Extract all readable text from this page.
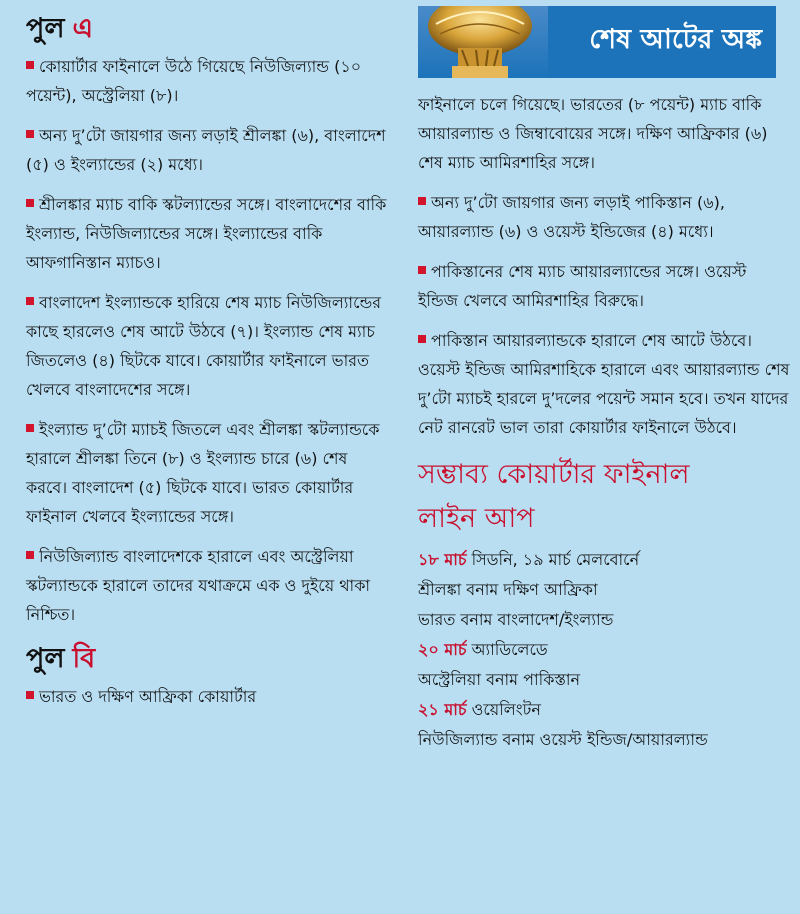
পুল এ

কোয়ার্টার ফাইনালে উঠে গিয়েছে নিউজিল্যান্ড (১০ পয়েন্ট), অস্ট্রেলিয়া (৮)।

অন্য দু’টো জায়গার জন্য লড়াই শ্রীলঙ্কা (৬), বাংলাদেশ (৫) ও ইংল্যান্ডের (২) মধ্যে।

শ্রীলঙ্কার ম্যাচ বাকি স্কটল্যান্ডের সঙ্গে। বাংলাদেশের বাকি ইংল্যান্ড, নিউজিল্যান্ডের সঙ্গে। ইংল্যান্ডের বাকি আফগানিস্তান ম্যাচও।

বাংলাদেশ ইংল্যান্ডকে হারিয়ে শেষ ম্যাচ নিউজিল্যান্ডের কাছে হারলেও শেষ আটে উঠবে (৭)। ইংল্যান্ড শেষ ম্যাচ জিতলেও (৪) ছিটকে যাবে। কোয়ার্টার ফাইনালে ভারত খেলবে বাংলাদেশের সঙ্গে।

ইংল্যান্ড দু’টো ম্যাচই জিতলে এবং শ্রীলঙ্কা স্কটল্যান্ডকে হারালে শ্রীলঙ্কা তিনে (৮) ও ইংল্যান্ড চারে (৬) শেষ করবে। বাংলাদেশ (৫) ছিটকে যাবে। ভারত কোয়ার্টার ফাইনাল খেলবে ইংল্যান্ডের সঙ্গে।

নিউজিল্যান্ড বাংলাদেশকে হারালে এবং অস্ট্রেলিয়া স্কটল্যান্ডকে হারালে তাদের যথাক্রমে এক ও দুইয়ে থাকা নিশ্চিত।

পুল বি

ভারত ও দক্ষিণ আফ্রিকা কোয়ার্টার

শেষ আটের অঙ্ক

ফাইনালে চলে গিয়েছে। ভারতের (৮ পয়েন্ট) ম্যাচ বাকি আয়ারল্যান্ড ও জিম্বাবোয়ের সঙ্গে। দক্ষিণ আফ্রিকার (৬) শেষ ম্যাচ আমিরশাহির সঙ্গে।

অন্য দু’টো জায়গার জন্য লড়াই পাকিস্তান (৬), আয়ারল্যান্ড (৬) ও ওয়েস্ট ইন্ডিজের (৪) মধ্যে।

পাকিস্তানের শেষ ম্যাচ আয়ারল্যান্ডের সঙ্গে। ওয়েস্ট ইন্ডিজ খেলবে আমিরশাহির বিরুদ্ধে।

পাকিস্তান আয়ারল্যান্ডকে হারালে শেষ আটে উঠবে। ওয়েস্ট ইন্ডিজ আমিরশাহিকে হারালে এবং আয়ারল্যান্ড শেষ দু’টো ম্যাচই হারলে দু’দলের পয়েন্ট সমান হবে। তখন যাদের নেট রানরেট ভাল তারা কোয়ার্টার ফাইনালে উঠবে।

সম্ভাব্য কোয়ার্টার ফাইনাল
লাইন আপ
১৮ মার্চ সিডনি, ১৯ মার্চ মেলবোর্নে
শ্রীলঙ্কা বনাম দক্ষিণ আফ্রিকা
ভারত বনাম বাংলাদেশ/ইংল্যান্ড
২০ মার্চ অ্যাডিলেডে
অস্ট্রেলিয়া বনাম পাকিস্তান
২১ মার্চ ওয়েলিংটন
নিউজিল্যান্ড বনাম ওয়েস্ট ইন্ডিজ/আয়ারল্যান্ড
